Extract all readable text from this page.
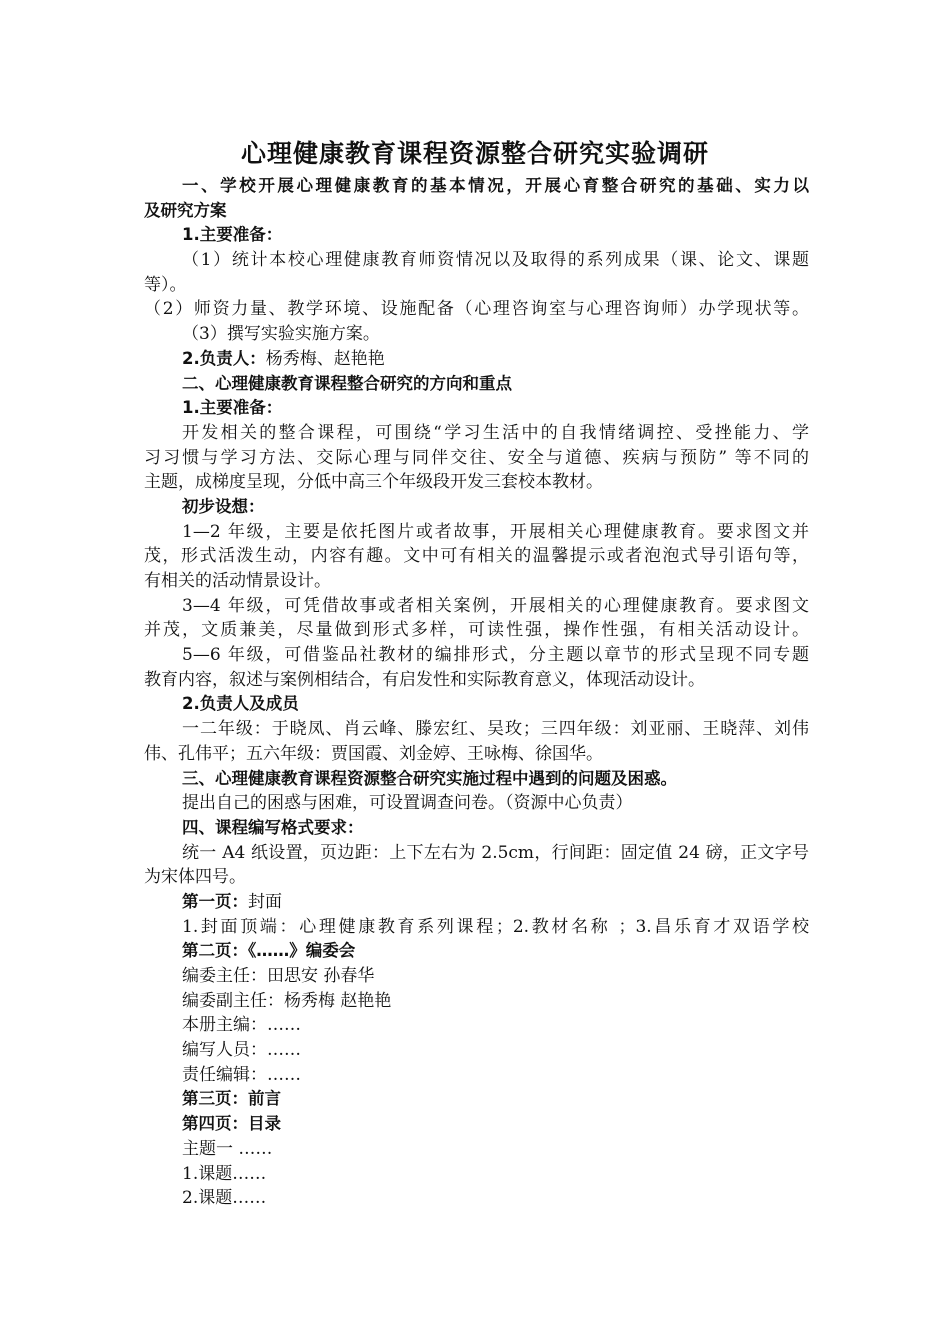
心理健康教育课程资源整合研究实验调研
一、学校开展心理健康教育的基本情况，开展心育整合研究的基础、实力以
及研究方案
1.主要准备：
（1）统计本校心理健康教育师资情况以及取得的系列成果（课、论文、课题
等）。
（2）师资力量、教学环境、设施配备（心理咨询室与心理咨询师）办学现状等。
（3）撰写实验实施方案。
2.负责人：杨秀梅、赵艳艳
二、心理健康教育课程整合研究的方向和重点
1.主要准备：
开发相关的整合课程，可围绕“学习生活中的自我情绪调控、受挫能力、学
习习惯与学习方法、交际心理与同伴交往、安全与道德、疾病与预防” 等不同的
主题，成梯度呈现，分低中高三个年级段开发三套校本教材。
初步设想：
1—2 年级，主要是依托图片或者故事，开展相关心理健康教育。要求图文并
茂，形式活泼生动，内容有趣。文中可有相关的温馨提示或者泡泡式导引语句等，
有相关的活动情景设计。
3—4 年级，可凭借故事或者相关案例，开展相关的心理健康教育。要求图文
并茂，文质兼美，尽量做到形式多样，可读性强，操作性强，有相关活动设计。
5—6 年级，可借鉴品社教材的编排形式，分主题以章节的形式呈现不同专题
教育内容，叙述与案例相结合，有启发性和实际教育意义，体现活动设计。
2.负责人及成员
一二年级：于晓凤、肖云峰、滕宏红、吴玫；三四年级：刘亚丽、王晓萍、刘伟
伟、孔伟平；五六年级：贾国霞、刘金婷、王咏梅、徐国华。
三、心理健康教育课程资源整合研究实施过程中遇到的问题及困惑。
提出自己的困惑与困难，可设置调查问卷。（资源中心负责）
四、课程编写格式要求：
统一 A4 纸设置，页边距：上下左右为 2.5cm，行间距：固定值 24 磅，正文字号
为宋体四号。
第一页：封面
1.封面顶端：心理健康教育系列课程；2.教材名称 ；3.昌乐育才双语学校
第二页：《……》编委会
编委主任：田思安 孙春华
编委副主任：杨秀梅 赵艳艳
本册主编：……
编写人员：……
责任编辑：……
第三页：前言
第四页：目录
主题一 ……
1.课题……
2.课题……
